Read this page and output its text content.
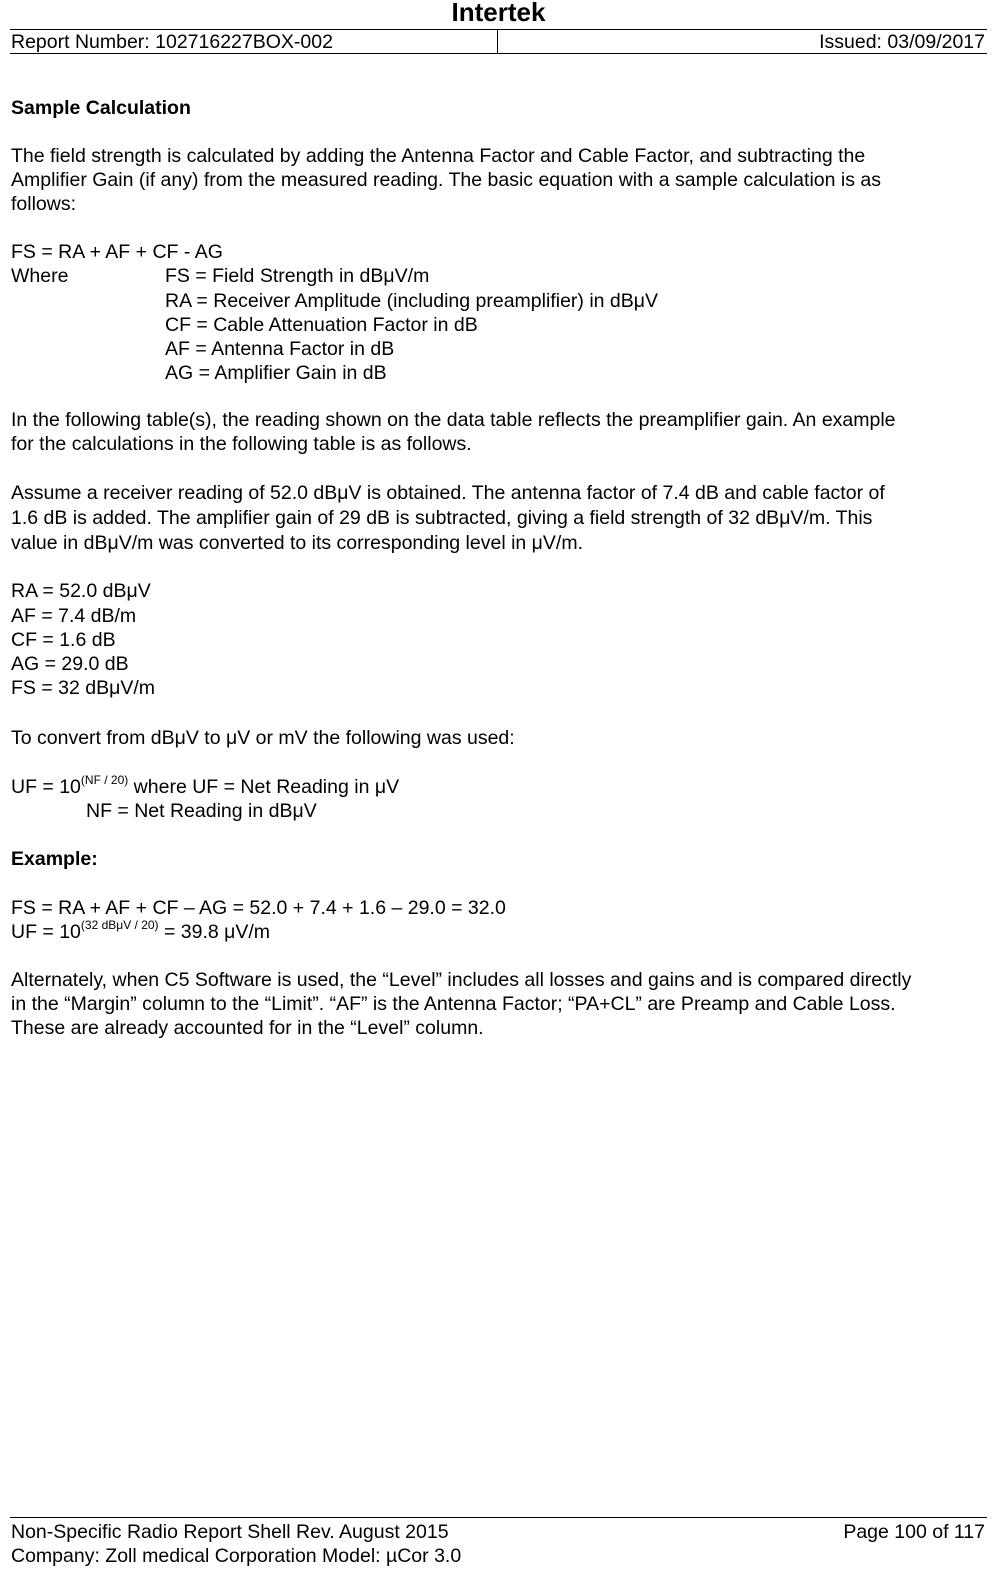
Intertek
Report Number: 102716227BOX-002	Issued: 03/09/2017
Sample Calculation
The field strength is calculated by adding the Antenna Factor and Cable Factor, and subtracting the
Amplifier Gain (if any) from the measured reading. The basic equation with a sample calculation is as
follows:
FS = RA + AF + CF - AG
Where	FS = Field Strength in dBμV/m
RA = Receiver Amplitude (including preamplifier) in dBμV
CF = Cable Attenuation Factor in dB
AF = Antenna Factor in dB
AG = Amplifier Gain in dB
In the following table(s), the reading shown on the data table reflects the preamplifier gain. An example
for the calculations in the following table is as follows.
Assume a receiver reading of 52.0 dBμV is obtained. The antenna factor of 7.4 dB and cable factor of
1.6 dB is added. The amplifier gain of 29 dB is subtracted, giving a field strength of 32 dBμV/m. This
value in dBμV/m was converted to its corresponding level in μV/m.
RA = 52.0 dBμV
AF = 7.4 dB/m
CF = 1.6 dB
AG = 29.0 dB
FS = 32 dBμV/m
To convert from dBμV to μV or mV the following was used:
UF = $10^{(NF / 20)}$ where UF = Net Reading in μV
NF = Net Reading in dBμV
Example:
FS = RA + AF + CF – AG = 52.0 + 7.4 + 1.6 – 29.0 = 32.0
UF = $10^{(32 dB\mu V / 20)} = 39.8$ μV/m
Alternately, when C5 Software is used, the “Level” includes all losses and gains and is compared directly
in the “Margin” column to the “Limit”. “AF” is the Antenna Factor; “PA+CL” are Preamp and Cable Loss.
These are already accounted for in the “Level” column.
Non-Specific Radio Report Shell Rev. August 2015	Page 100 of 117
Company: Zoll medical Corporation Model: µCor 3.0
